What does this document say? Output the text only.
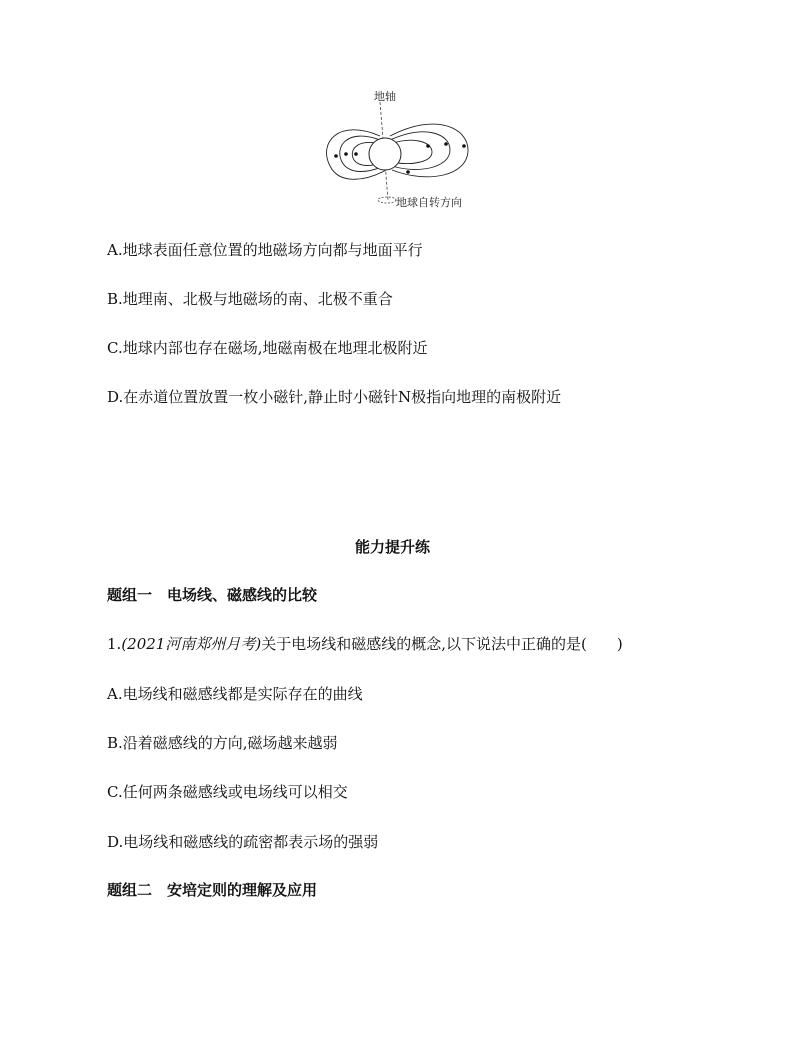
地轴
地球自转方向
A.地球表面任意位置的地磁场方向都与地面平行
B.地理南、北极与地磁场的南、北极不重合
C.地球内部也存在磁场,地磁南极在地理北极附近
D.在赤道位置放置一枚小磁针,静止时小磁针N极指向地理的南极附近
能力提升练
题组一　电场线、磁感线的比较
1.(2021河南郑州月考)关于电场线和磁感线的概念,以下说法中正确的是(　　)
A.电场线和磁感线都是实际存在的曲线
B.沿着磁感线的方向,磁场越来越弱
C.任何两条磁感线或电场线可以相交
D.电场线和磁感线的疏密都表示场的强弱
题组二　安培定则的理解及应用
